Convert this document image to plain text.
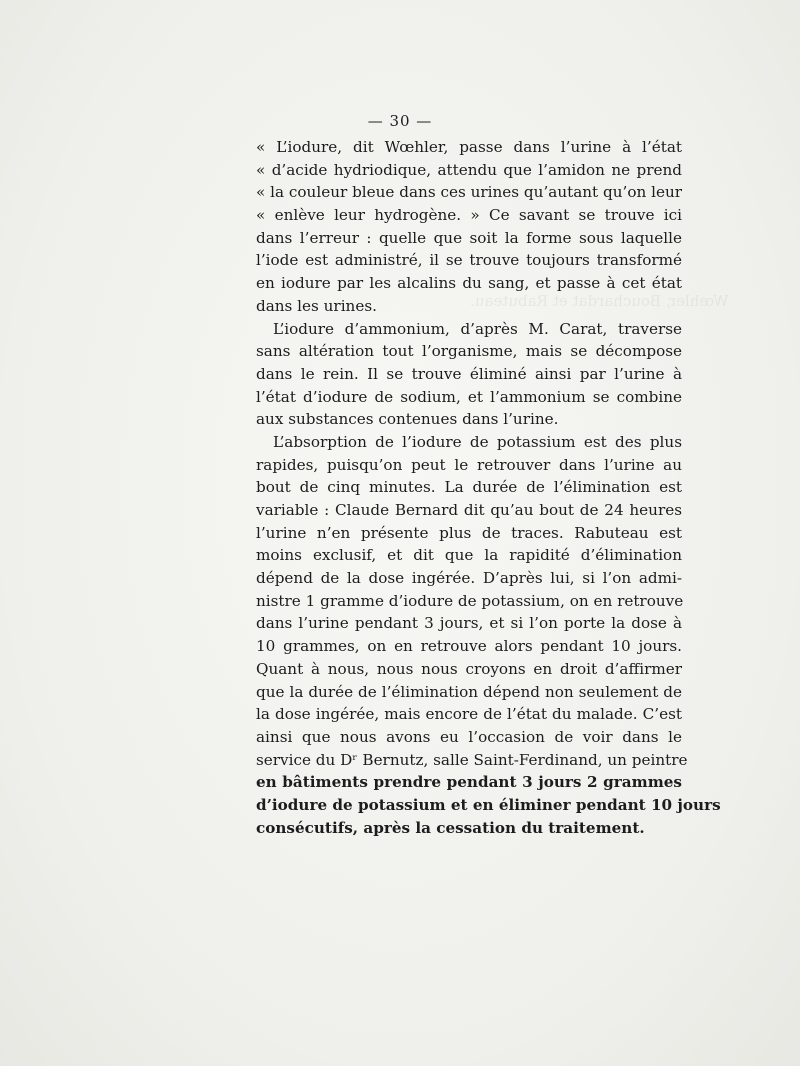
Wœhler, Bouchardat et Rabuteau.
— 30 —
« L’iodure, dit Wœhler, passe dans l’urine à l’état
« d’acide hydriodique, attendu que l’amidon ne prend
« la couleur bleue dans ces urines qu’autant qu’on leur
« enlève leur hydrogène. » Ce savant se trouve ici
dans l’erreur : quelle que soit la forme sous laquelle
l’iode est administré, il se trouve toujours transformé
en iodure par les alcalins du sang, et passe à cet état
dans les urines.
L’iodure d’ammonium, d’après M. Carat, traverse
sans altération tout l’organisme, mais se décompose
dans le rein. Il se trouve éliminé ainsi par l’urine à
l’état d’iodure de sodium, et l’ammonium se combine
aux substances contenues dans l’urine.
L’absorption de l’iodure de potassium est des plus
rapides, puisqu’on peut le retrouver dans l’urine au
bout de cinq minutes. La durée de l’élimination est
variable : Claude Bernard dit qu’au bout de 24 heures
l’urine n’en présente plus de traces. Rabuteau est
moins exclusif, et dit que la rapidité d’élimination
dépend de la dose ingérée. D’après lui, si l’on admi-
nistre 1 gramme d’iodure de potassium, on en retrouve
dans l’urine pendant 3 jours, et si l’on porte la dose à
10 grammes, on en retrouve alors pendant 10 jours.
Quant à nous, nous nous croyons en droit d’affirmer
que la durée de l’élimination dépend non seulement de
la dose ingérée, mais encore de l’état du malade. C’est
ainsi que nous avons eu l’occasion de voir dans le
service du Dʳ Bernutz, salle Saint-Ferdinand, un peintre
en bâtiments prendre pendant 3 jours 2 grammes
d’iodure de potassium et en éliminer pendant 10 jours
consécutifs, après la cessation du traitement.
